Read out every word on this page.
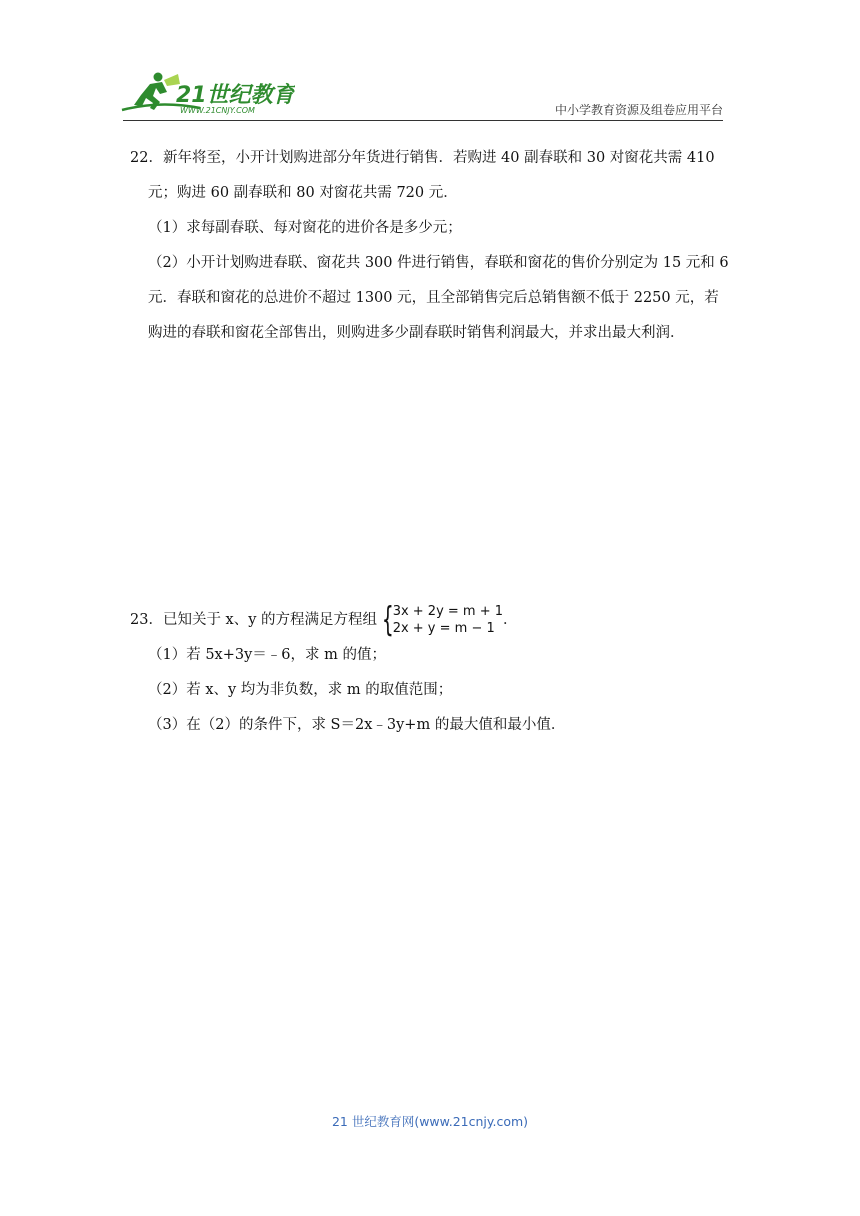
21世纪教育
WWW.21CNJY.COM	中小学教育资源及组卷应用平台
22．新年将至，小开计划购进部分年货进行销售．若购进 40 副春联和 30 对窗花共需 410
元；购进 60 副春联和 80 对窗花共需 720 元．
（1）求每副春联、每对窗花的进价各是多少元；
（2）小开计划购进春联、窗花共 300 件进行销售，春联和窗花的售价分别定为 15 元和 6
元．春联和窗花的总进价不超过 1300 元，且全部销售完后总销售额不低于 2250 元，若
购进的春联和窗花全部售出，则购进多少副春联时销售利润最大，并求出最大利润．
23．已知关于 x、y 的方程满足方程组 {
3x + 2y = m + 1
2x + y = m − 1
．
（1）若 5x+3y＝﹣6，求 m 的值；
（2）若 x、y 均为非负数，求 m 的取值范围；
（3）在（2）的条件下，求 S＝2x﹣3y+m 的最大值和最小值．
21 世纪教育网(www.21cnjy.com)
